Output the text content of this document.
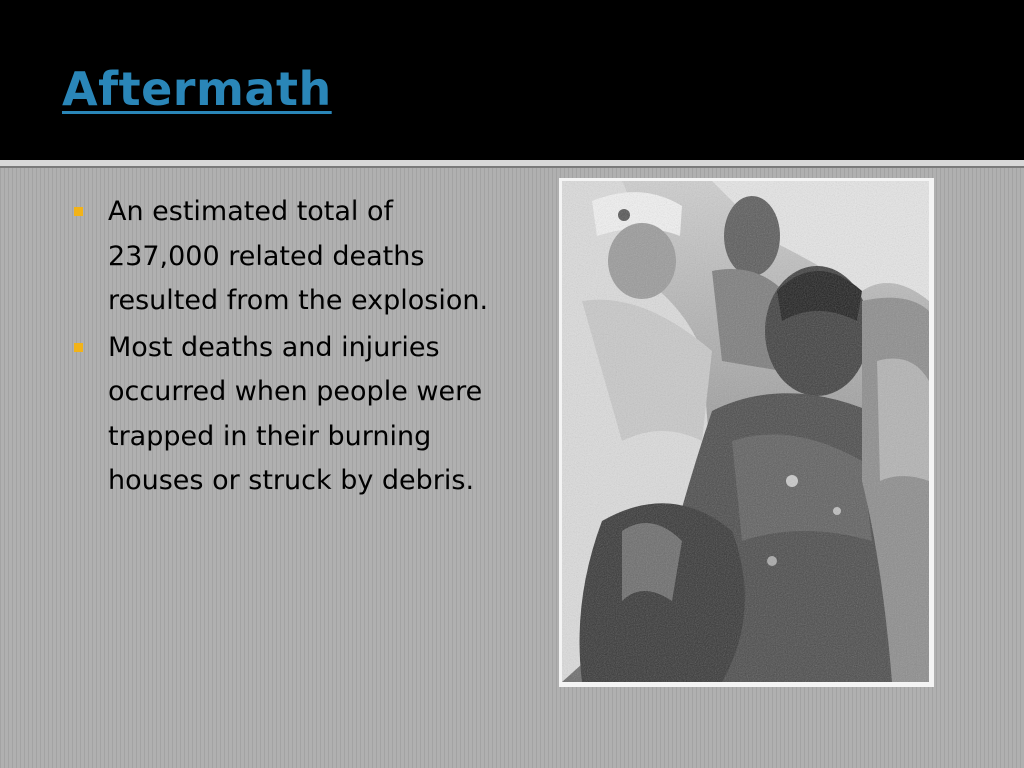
Aftermath
An estimated total of 237,000 related deaths resulted from the explosion.
Most deaths and injuries occurred when people were trapped in their burning houses or struck by debris.
